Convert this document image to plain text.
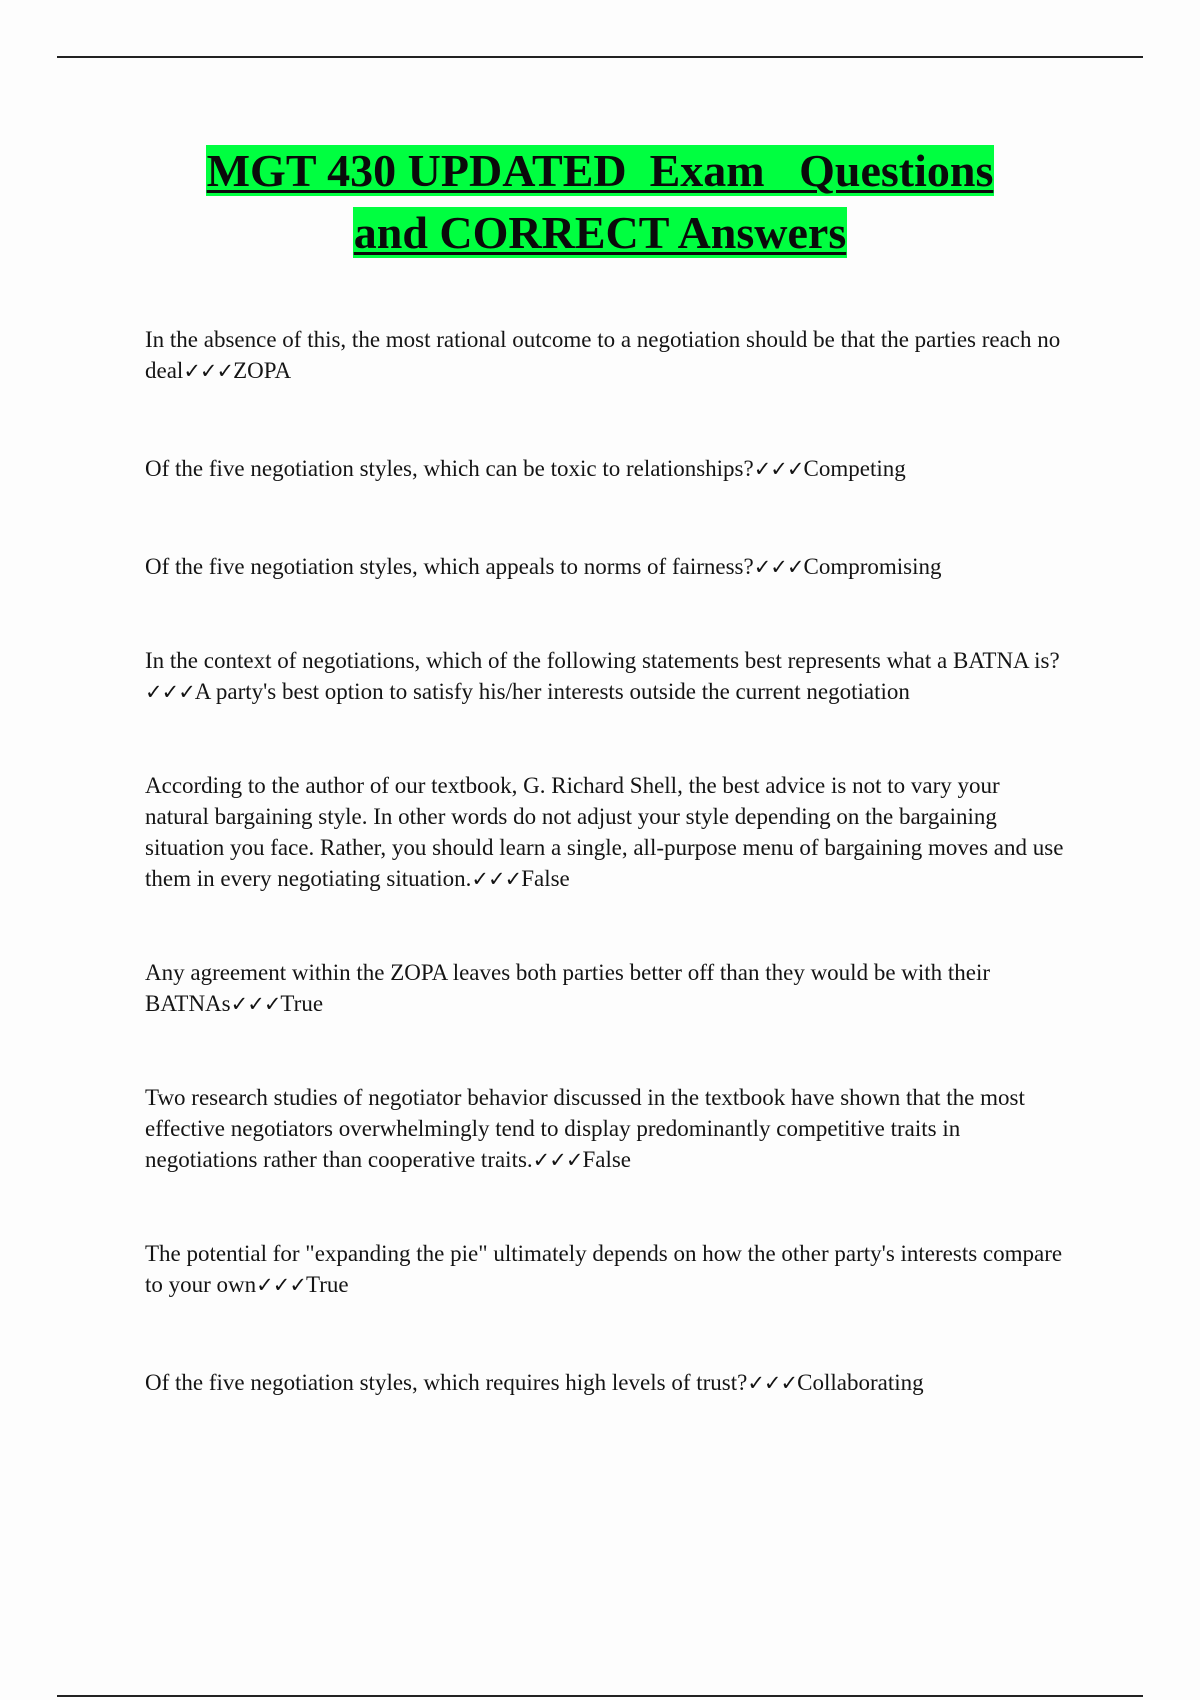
MGT 430 UPDATED  Exam   Questions
and CORRECT Answers

In the absence of this, the most rational outcome to a negotiation should be that the parties reach no deal✓✓✓ZOPA

Of the five negotiation styles, which can be toxic to relationships?✓✓✓Competing

Of the five negotiation styles, which appeals to norms of fairness?✓✓✓Compromising

In the context of negotiations, which of the following statements best represents what a BATNA is?✓✓✓A party's best option to satisfy his/her interests outside the current negotiation

According to the author of our textbook, G. Richard Shell, the best advice is not to vary your natural bargaining style. In other words do not adjust your style depending on the bargaining situation you face. Rather, you should learn a single, all-purpose menu of bargaining moves and use them in every negotiating situation.✓✓✓False

Any agreement within the ZOPA leaves both parties better off than they would be with their BATNAs✓✓✓True

Two research studies of negotiator behavior discussed in the textbook have shown that the most effective negotiators overwhelmingly tend to display predominantly competitive traits in negotiations rather than cooperative traits.✓✓✓False

The potential for "expanding the pie" ultimately depends on how the other party's interests compare to your own✓✓✓True

Of the five negotiation styles, which requires high levels of trust?✓✓✓Collaborating
